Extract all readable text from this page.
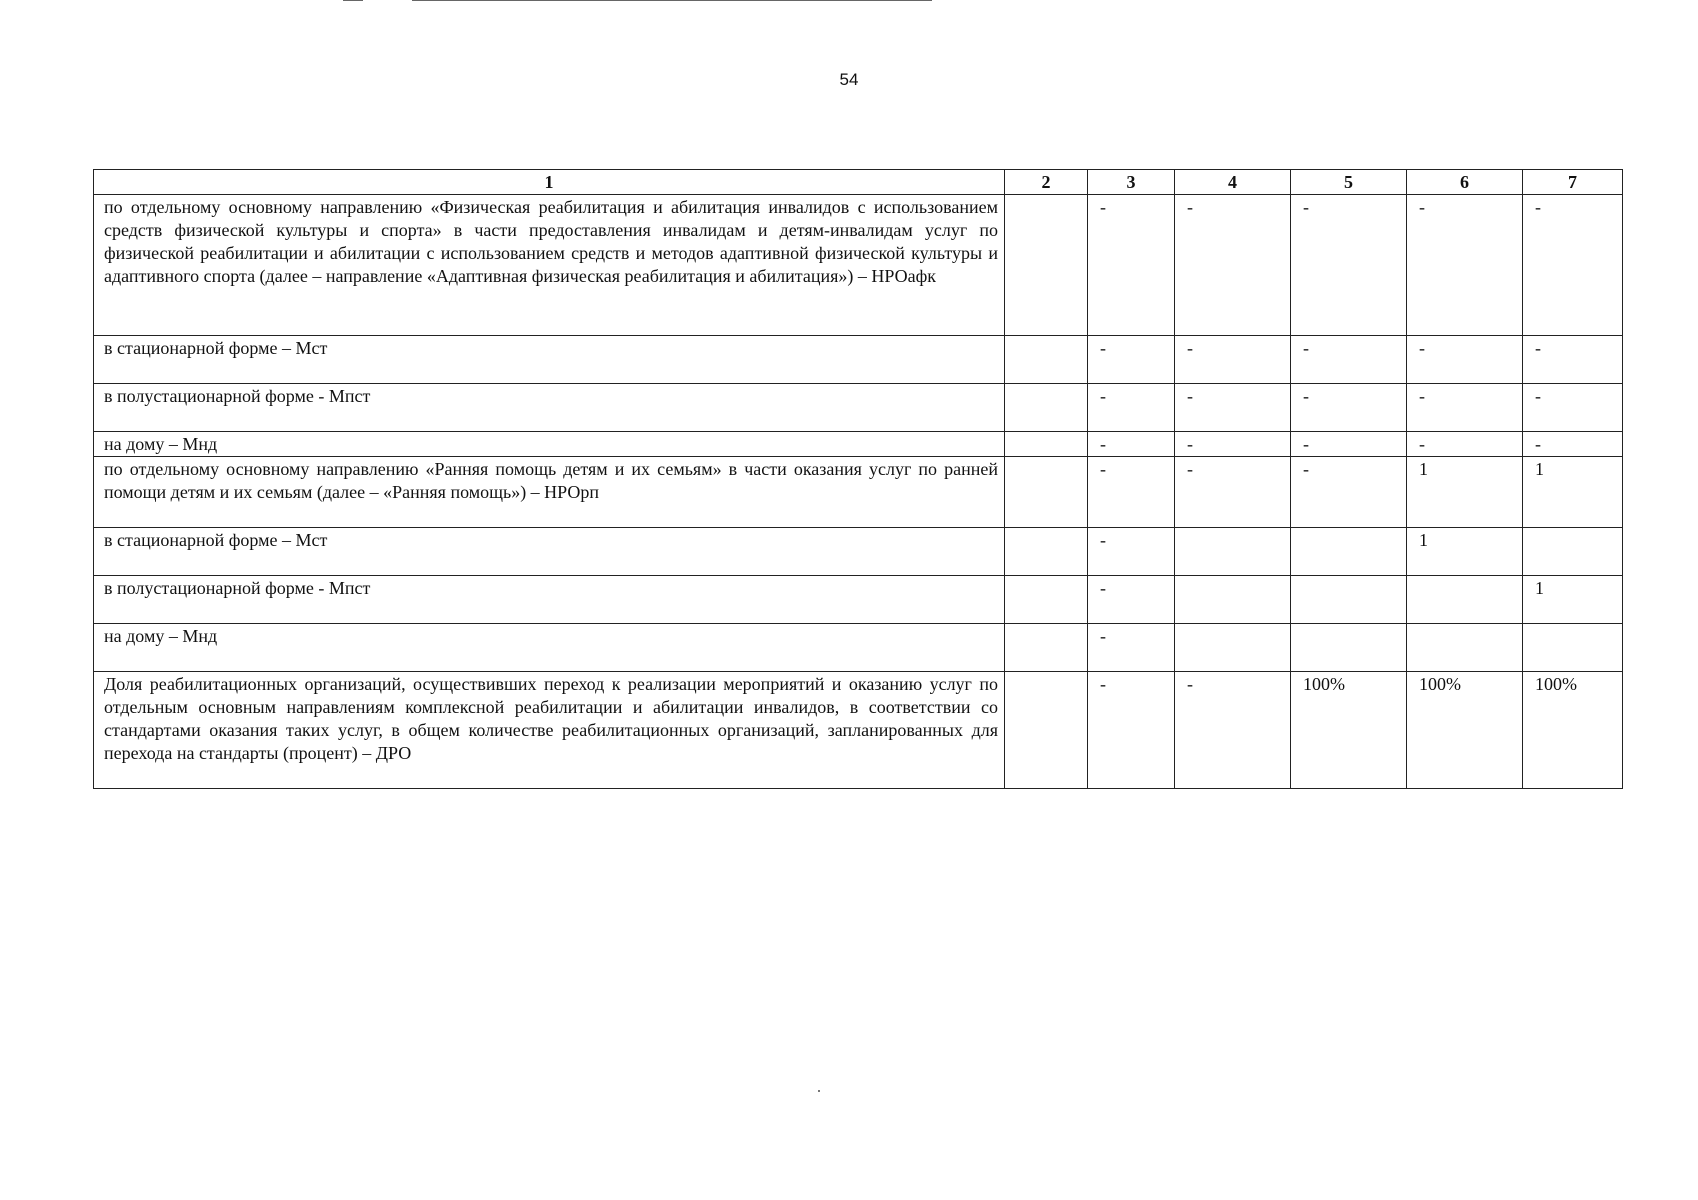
54
1	2	3	4	5	6	7
по отдельному основному направлению «Физическая реабилитация и абилитация инвалидов с использованием средств физической культуры и спорта» в части предоставления инвалидам и детям-инвалидам услуг по физической реабилитации и абилитации с использованием средств и методов адаптивной физической культуры и адаптивного спорта (далее – направление «Адаптивная физическая реабилитация и абилитация») – НРОафк		-	-	-	-	-
в стационарной форме – Мст		-	-	-	-	-
в полустационарной форме - Мпст		-	-	-	-	-
на дому – Мнд		-	-	-	-	-
по отдельному основному направлению «Ранняя помощь детям и их семьям» в части оказания услуг по ранней помощи детям и их семьям (далее – «Ранняя помощь») – НРОрп		-	-	-	1	1
в стационарной форме – Мст		-			1	
в полустационарной форме - Мпст		-				1
на дому – Мнд		-				
Доля реабилитационных организаций, осуществивших переход к реализации мероприятий и оказанию услуг по отдельным основным направлениям комплексной реабилитации и абилитации инвалидов, в соответствии со стандартами оказания таких услуг, в общем количестве реабилитационных организаций, запланированных для перехода на стандарты (процент) – ДРО		-	-	100%	100%	100%
